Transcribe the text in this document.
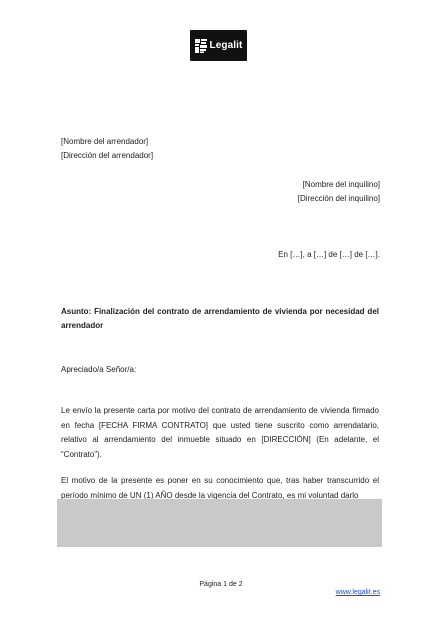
Legalit
[Nombre del arrendador]
[Dirección del arrendador]
[Nombre del inquilino]
[Dirección del inquilino]
En […], a […] de […] de […].
Asunto: Finalización del contrato de arrendamiento de vivienda por necesidad del arrendador
Apreciado/a Señor/a:
Le envío la presente carta por motivo del contrato de arrendamiento de vivienda firmado en fecha [FECHA FIRMA CONTRATO] que usted tiene suscrito como arrendatario, relativo al arrendamiento del inmueble situado en [DIRECCIÓN] (En adelante, el “Contrato”).
El motivo de la presente es poner en su conocimiento que, tras haber transcurrido el período mínimo de UN (1) AÑO desde la vigencia del Contrato, es mi voluntad darlo
Página 1 de 2
www.legalit.es
